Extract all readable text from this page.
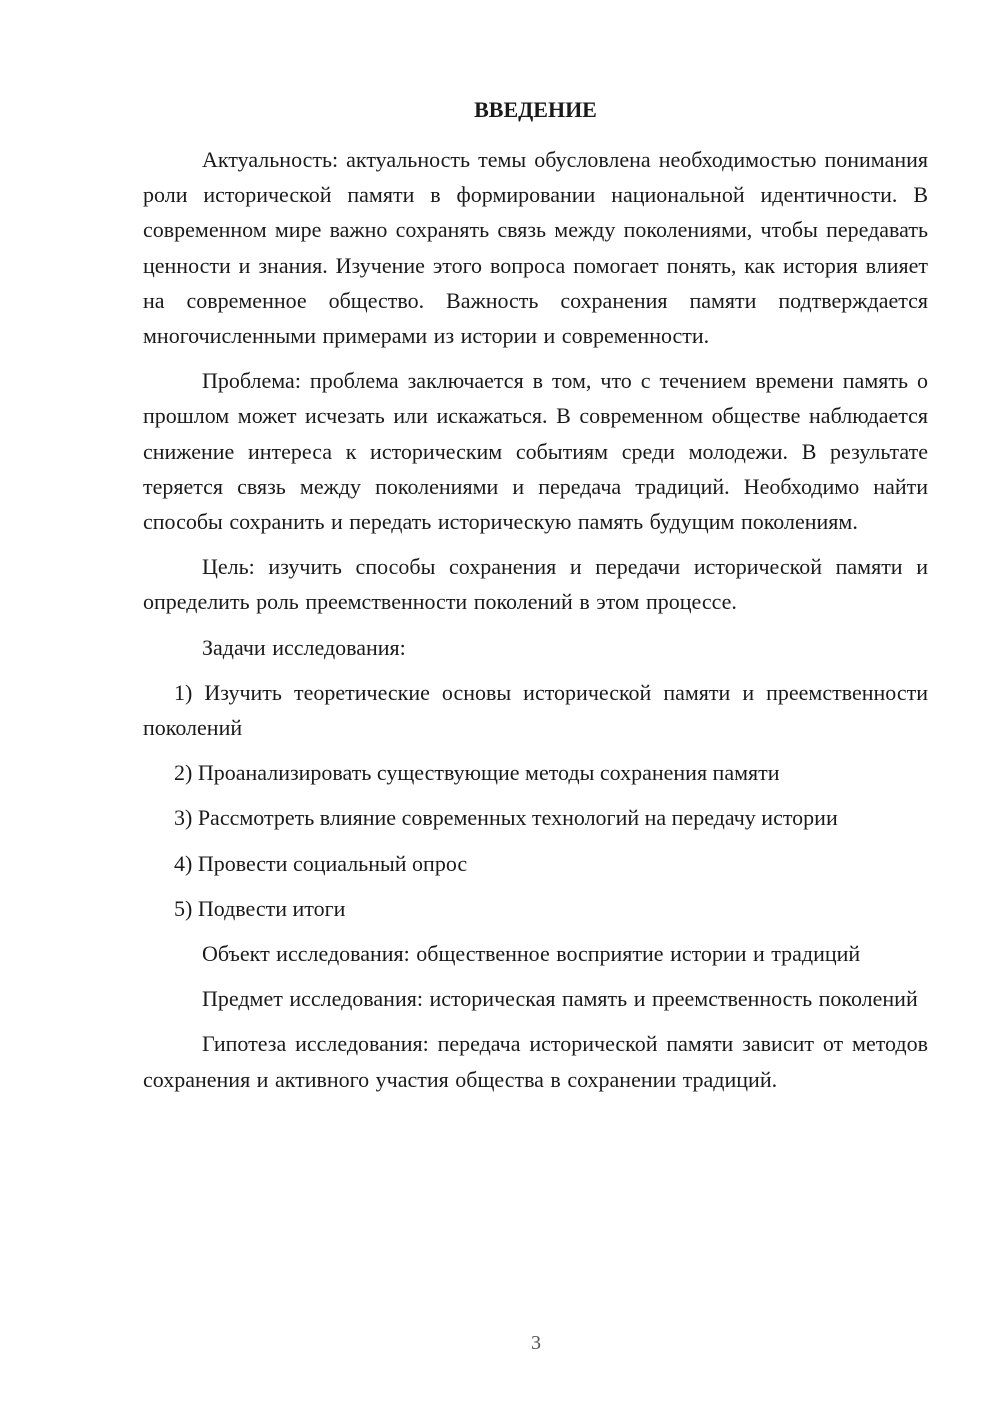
ВВЕДЕНИЕ

Актуальность: актуальность темы обусловлена необходимостью понимания роли исторической памяти в формировании национальной идентичности. В современном мире важно сохранять связь между поколениями, чтобы передавать ценности и знания. Изучение этого вопроса помогает понять, как история влияет на современное общество. Важность сохранения памяти подтверждается многочисленными примерами из истории и современности.

Проблема: проблема заключается в том, что с течением времени память о прошлом может исчезать или искажаться. В современном обществе наблюдается снижение интереса к историческим событиям среди молодежи. В результате теряется связь между поколениями и передача традиций. Необходимо найти способы сохранить и передать историческую память будущим поколениям.

Цель: изучить способы сохранения и передачи исторической памяти и определить роль преемственности поколений в этом процессе.

Задачи исследования:

1) Изучить теоретические основы исторической памяти и преемственности поколений

2) Проанализировать существующие методы сохранения памяти

3) Рассмотреть влияние современных технологий на передачу истории

4) Провести социальный опрос

5) Подвести итоги

Объект исследования: общественное восприятие истории и традиций

Предмет исследования: историческая память и преемственность поколений

Гипотеза исследования: передача исторической памяти зависит от методов сохранения и активного участия общества в сохранении традиций.

3
